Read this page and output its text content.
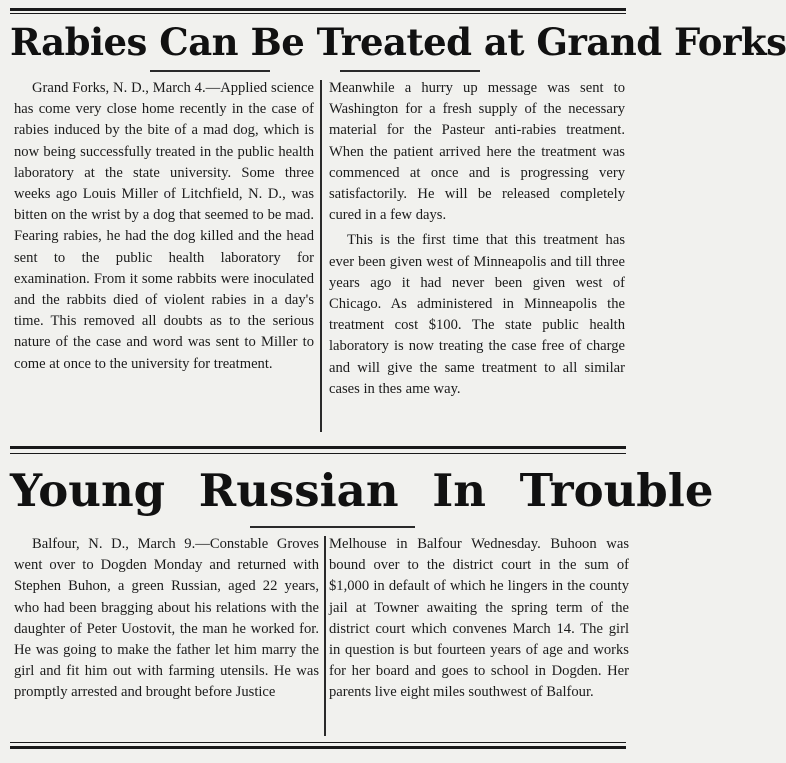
Rabies Can Be Treated at Grand Forks

Grand Forks, N. D., March 4.—Applied science has come very close home recently in the case of rabies induced by the bite of a mad dog, which is now being successfully treated in the public health laboratory at the state university. Some three weeks ago Louis Miller of Litchfield, N. D., was bitten on the wrist by a dog that seemed to be mad. Fearing rabies, he had the dog killed and the head sent to the public health laboratory for examination. From it some rabbits were inoculated and the rabbits died of violent rabies in a day's time. This removed all doubts as to the serious nature of the case and word was sent to Miller to come at once to the university for treatment.

Meanwhile a hurry up message was sent to Washington for a fresh supply of the necessary material for the Pasteur anti-rabies treatment. When the patient arrived here the treatment was commenced at once and is progressing very satisfactorily. He will be released completely cured in a few days.

This is the first time that this treatment has ever been given west of Minneapolis and till three years ago it had never been given west of Chicago. As administered in Minneapolis the treatment cost $100. The state public health laboratory is now treating the case free of charge and will give the same treatment to all similar cases in thes ame way.

Young Russian In Trouble

Balfour, N. D., March 9.—Constable Groves went over to Dogden Monday and returned with Stephen Buhon, a green Russian, aged 22 years, who had been bragging about his relations with the daughter of Peter Uostovit, the man he worked for. He was going to make the father let him marry the girl and fit him out with farming utensils. He was promptly arrested and brought before Justice

Melhouse in Balfour Wednesday. Buhoon was bound over to the district court in the sum of $1,000 in default of which he lingers in the county jail at Towner awaiting the spring term of the district court which convenes March 14. The girl in question is but fourteen years of age and works for her board and goes to school in Dogden. Her parents live eight miles southwest of Balfour.
